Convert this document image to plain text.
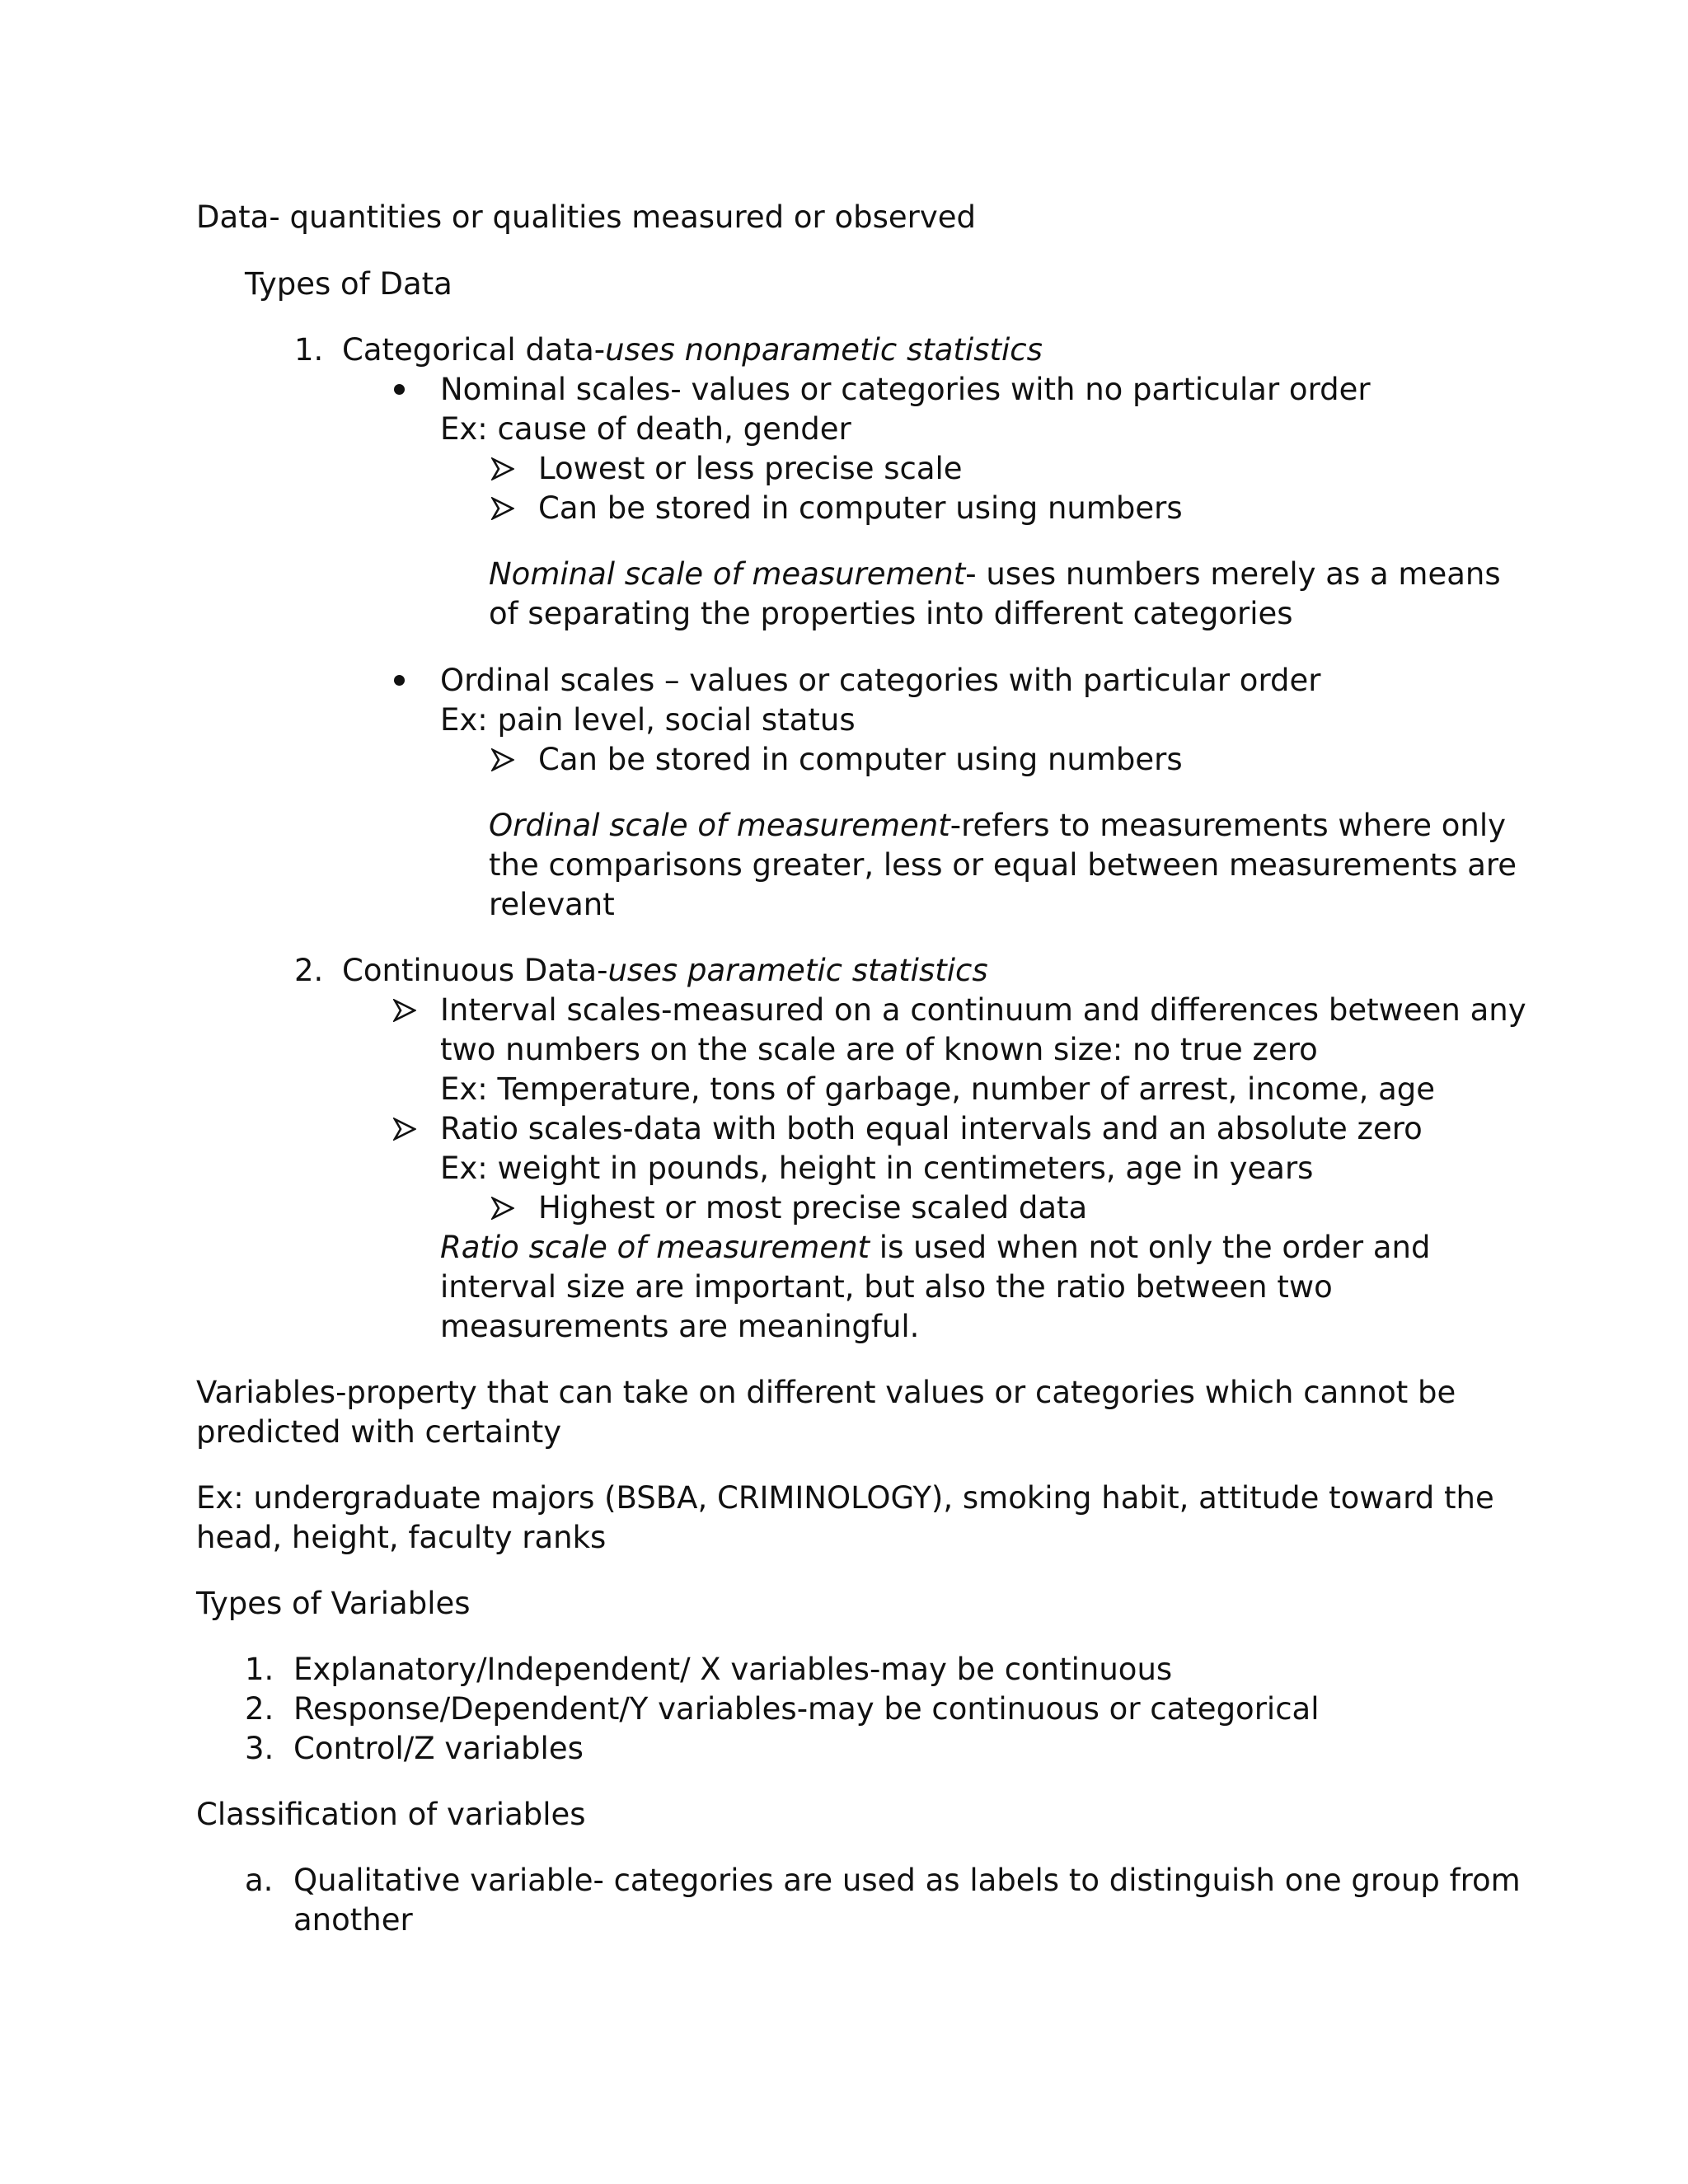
Data- quantities or qualities measured or observed
Types of Data
1. Categorical data-uses nonparametic statistics
Nominal scales- values or categories with no particular order
Ex: cause of death, gender
Lowest or less precise scale
Can be stored in computer using numbers
Nominal scale of measurement- uses numbers merely as a means
of separating the properties into different categories
Ordinal scales – values or categories with particular order
Ex: pain level, social status
Can be stored in computer using numbers
Ordinal scale of measurement-refers to measurements where only
the comparisons greater, less or equal between measurements are
relevant
2. Continuous Data-uses parametic statistics
Interval scales-measured on a continuum and differences between any
two numbers on the scale are of known size: no true zero
Ex: Temperature, tons of garbage, number of arrest, income, age
Ratio scales-data with both equal intervals and an absolute zero
Ex: weight in pounds, height in centimeters, age in years
Highest or most precise scaled data
Ratio scale of measurement is used when not only the order and
interval size are important, but also the ratio between two
measurements are meaningful.
Variables-property that can take on different values or categories which cannot be
predicted with certainty
Ex: undergraduate majors (BSBA, CRIMINOLOGY), smoking habit, attitude toward the
head, height, faculty ranks
Types of Variables
1. Explanatory/Independent/ X variables-may be continuous
2. Response/Dependent/Y variables-may be continuous or categorical
3. Control/Z variables
Classification of variables
a. Qualitative variable- categories are used as labels to distinguish one group from
another
